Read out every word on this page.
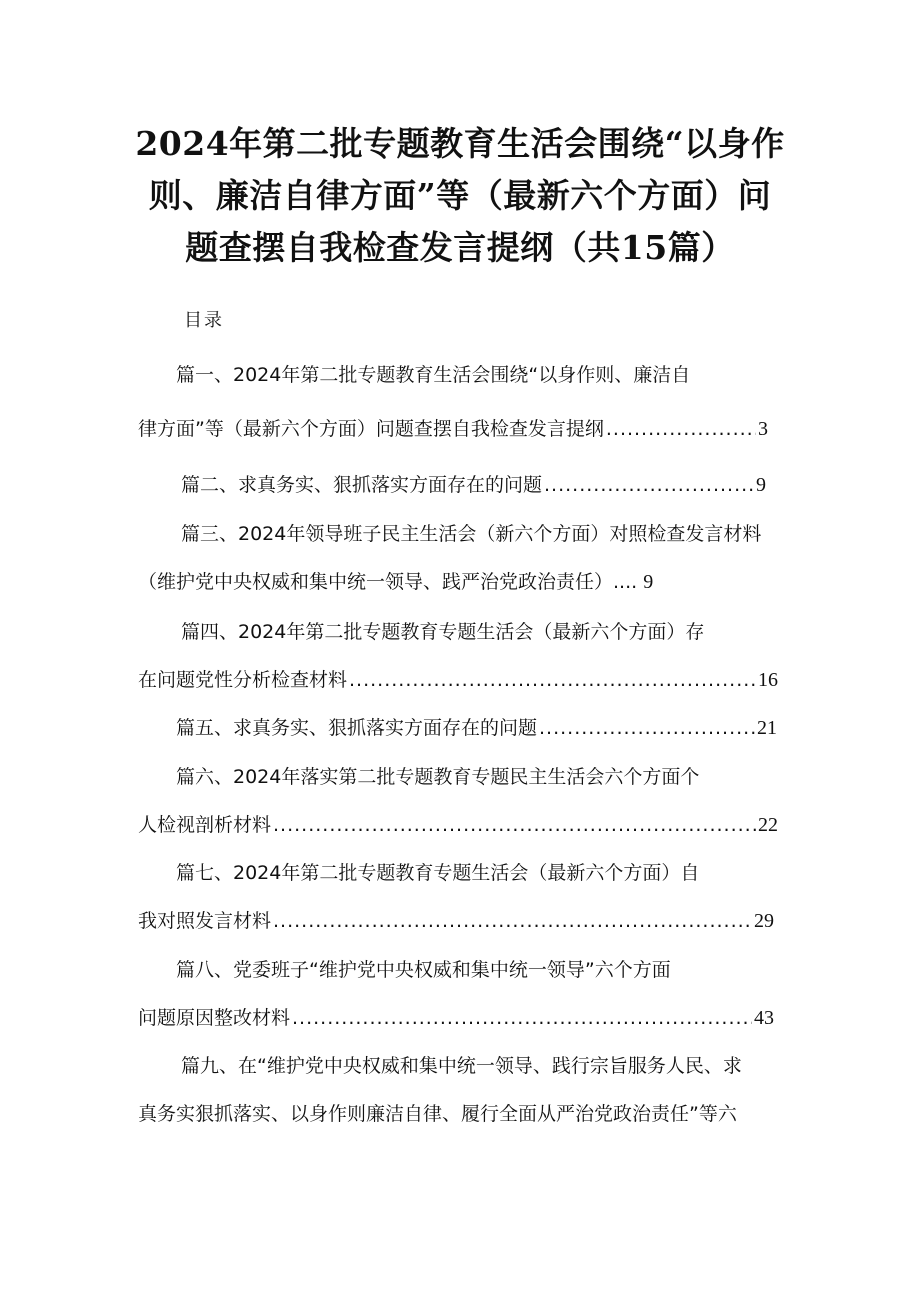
2024年第二批专题教育生活会围绕“以身作
则、廉洁自律方面”等（最新六个方面）问
题查摆自我检查发言提纲（共15篇）
目录
篇一、2024年第二批专题教育生活会围绕“以身作则、廉洁自
律方面”等（最新六个方面）问题查摆自我检查发言提纲 .....	3
篇二、求真务实、狠抓落实方面存在的问题 .....	9
篇三、2024年领导班子民主生活会（新六个方面）对照检查发言材料
（维护党中央权威和集中统一领导、践严治党政治责任）.... 9
篇四、2024年第二批专题教育专题生活会（最新六个方面）存
在问题党性分析检查材料 .....	16
篇五、求真务实、狠抓落实方面存在的问题 .....	21
篇六、2024年落实第二批专题教育专题民主生活会六个方面个
人检视剖析材料 .....	22
篇七、2024年第二批专题教育专题生活会（最新六个方面）自
我对照发言材料 .....	29
篇八、党委班子“维护党中央权威和集中统一领导”六个方面
问题原因整改材料 .....	43
篇九、在“维护党中央权威和集中统一领导、践行宗旨服务人民、求
真务实狠抓落实、以身作则廉洁自律、履行全面从严治党政治责任”等六
